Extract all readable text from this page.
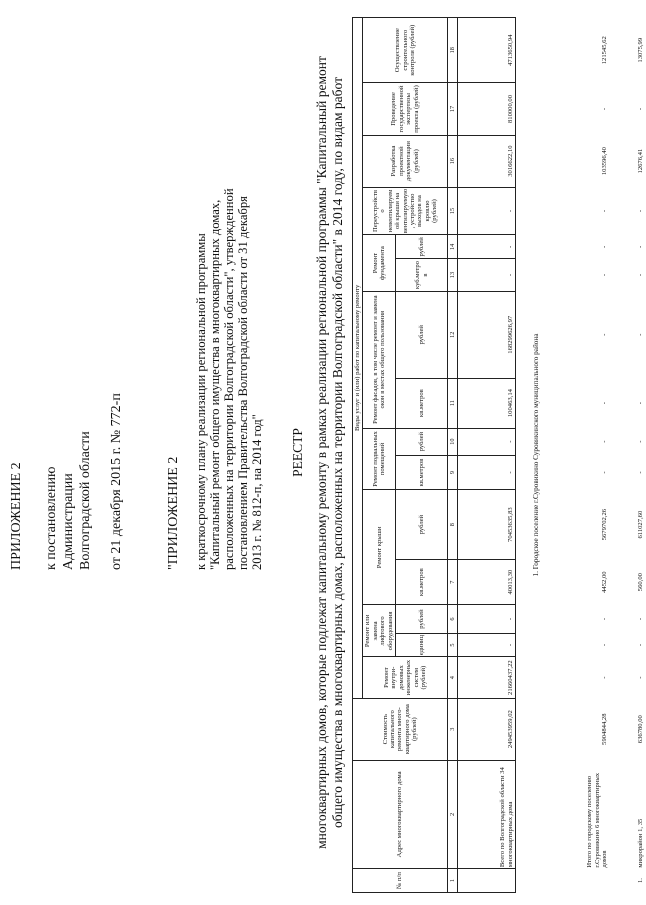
ПРИЛОЖЕНИЕ 2 к постановлению Администрации Волгоградской области от 21 декабря 2015 г. № 772-п	"ПРИЛОЖЕНИЕ 2 к краткосрочному плану реализации региональной программы "Капитальный ремонт общего имущества в многоквартирных домах, расположенных на территории Волгоградской области", утвержденной постановлением Правительства Волгоградской области от 31 декабря 2013 г. № 812-п, на 2014 год" РЕЕСТР многоквартирных домов, которые подлежат капитальному ремонту в рамках реализации региональной программы "Капитальный ремонт общего имущества в многоквартирных домах, расположенных на территории Волгоградской области" в 2014 году, по видам работ
№ п/п	Адрес многоквартирного дома	Стоимость капитального ремонта много-квартирного дома (рублей)	Виды услуг и (или) работ по капитальному ремонту														
			Ремонт внутри-домовых инженерных систем (рублей)	Ремонт или замена лифтового оборудования		Ремонт крыши		Ремонт подвальных помещений		Ремонт фасадов, в том числе ремонт и замена окон в местах общего пользования		Ремонт фундамента		Переустройство невентилируемой крыши на вентилируемую, устройство выходов на кровлю (рублей)	Разработка проектной документации (рублей)	Проведение государственной экспертизы проекта (рублей)	Осуществление строительного контроля (рублей)
				единиц	рублей	кв.метров	рублей	кв.метров	рублей	кв.метров	рублей	куб.метров	рублей				
1	2	3	4	5	6	7	8	9	10	11	12	13	14	15	16	17	18
	Всего по Волгоградской области 34 многоквартирных дома	249453959,02	21660437,22	-	-	40013,30	70453635,83	-	-	100463,14	168299626,97	-	-	-	3016622,10	810000,00	4713650,94
1. Городское поселение г.Суровикино Суровикинского муниципального района																	
	Итого по городскому поселению г.Суровикино 6 многоквартирных домов	5904844,28	-	-	-	4452,00	5679702,26	-	-	-	-	-	-	-	103596,40	-	121545,62
1.	микрорайон 1, 35	636780,00	-	-	-	560,00	611027,60	-	-	-	-	-	-	-	12676,41	-	13075,99
